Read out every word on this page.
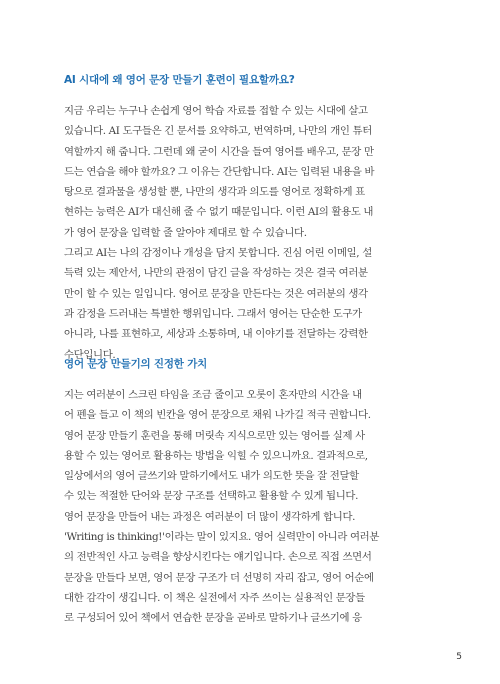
AI 시대에 왜 영어 문장 만들기 훈련이 필요할까요?
지금 우리는 누구나 손쉽게 영어 학습 자료를 접할 수 있는 시대에 살고
있습니다. AI 도구들은 긴 문서를 요약하고, 번역하며, 나만의 개인 튜터
역할까지 해 줍니다. 그런데 왜 굳이 시간을 들여 영어를 배우고, 문장 만
드는 연습을 해야 할까요? 그 이유는 간단합니다. AI는 입력된 내용을 바
탕으로 결과물을 생성할 뿐, 나만의 생각과 의도를 영어로 정확하게 표
현하는 능력은 AI가 대신해 줄 수 없기 때문입니다. 이런 AI의 활용도 내
가 영어 문장을 입력할 줄 알아야 제대로 할 수 있습니다.
그리고 AI는 나의 감정이나 개성을 담지 못합니다. 진심 어린 이메일, 설
득력 있는 제안서, 나만의 관점이 담긴 글을 작성하는 것은 결국 여러분
만이 할 수 있는 일입니다. 영어로 문장을 만든다는 것은 여러분의 생각
과 감정을 드러내는 특별한 행위입니다. 그래서 영어는 단순한 도구가
아니라, 나를 표현하고, 세상과 소통하며, 내 이야기를 전달하는 강력한
수단입니다.
영어 문장 만들기의 진정한 가치
지는 여러분이 스크린 타임을 조금 줄이고 오롯이 혼자만의 시간을 내
어 펜을 들고 이 책의 빈칸을 영어 문장으로 채워 나가길 적극 권합니다.
영어 문장 만들기 훈련을 통해 머릿속 지식으로만 있는 영어를 실제 사
용할 수 있는 영어로 활용하는 방법을 익힐 수 있으니까요. 결과적으로,
일상에서의 영어 글쓰기와 말하기에서도 내가 의도한 뜻을 잘 전달할
수 있는 적절한 단어와 문장 구조를 선택하고 활용할 수 있게 됩니다.
영어 문장을 만들어 내는 과정은 여러분이 더 많이 생각하게 합니다.
'Writing is thinking!'이라는 말이 있지요. 영어 실력만이 아니라 여러분
의 전반적인 사고 능력을 향상시킨다는 얘기입니다. 손으로 직접 쓰면서
문장을 만들다 보면, 영어 문장 구조가 더 선명히 자리 잡고, 영어 어순에
대한 감각이 생깁니다. 이 책은 실전에서 자주 쓰이는 실용적인 문장들
로 구성되어 있어 책에서 연습한 문장을 곧바로 말하기나 글쓰기에 응
5
